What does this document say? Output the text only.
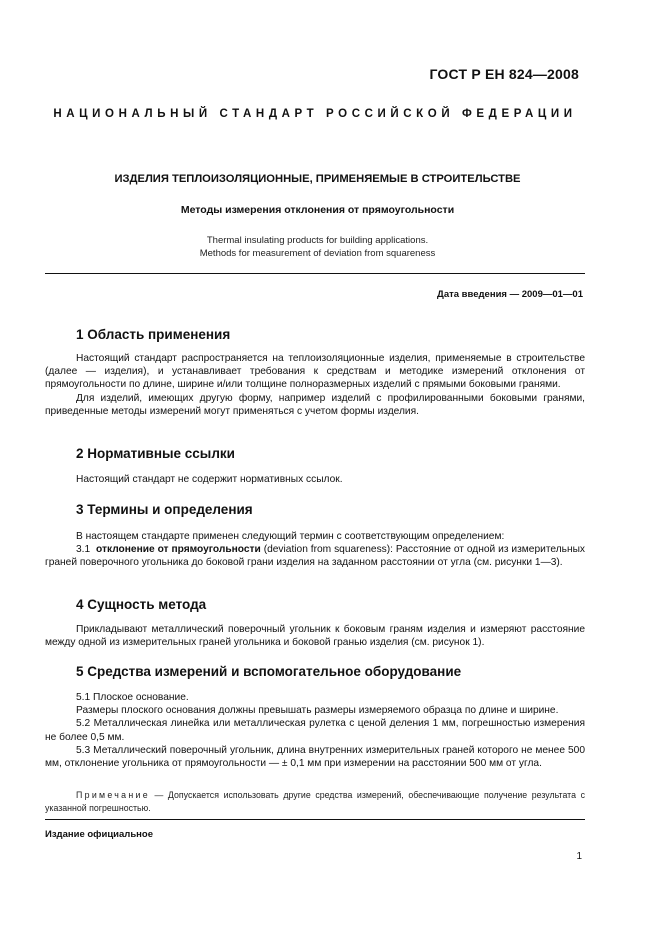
ГОСТ Р ЕН 824—2008
НАЦИОНАЛЬНЫЙ СТАНДАРТ РОССИЙСКОЙ ФЕДЕРАЦИИ
ИЗДЕЛИЯ ТЕПЛОИЗОЛЯЦИОННЫЕ, ПРИМЕНЯЕМЫЕ В СТРОИТЕЛЬСТВЕ
Методы измерения отклонения от прямоугольности
Thermal insulating products for building applications.
Methods for measurement of deviation from squareness
Дата введения — 2009—01—01
1 Область применения

Настоящий стандарт распространяется на теплоизоляционные изделия, применяемые в строительстве (далее — изделия), и устанавливает требования к средствам и методике измерений отклонения от прямоугольности по длине, ширине и/или толщине полноразмерных изделий с прямыми боковыми гранями.

Для изделий, имеющих другую форму, например изделий с профилированными боковыми гранями, приведенные методы измерений могут применяться с учетом формы изделия.

2 Нормативные ссылки

Настоящий стандарт не содержит нормативных ссылок.

3 Термины и определения

В настоящем стандарте применен следующий термин с соответствующим определением:

3.1 отклонение от прямоугольности (deviation from squareness): Расстояние от одной из измерительных граней поверочного угольника до боковой грани изделия на заданном расстоянии от угла (см. рисунки 1—3).

4 Сущность метода

Прикладывают металлический поверочный угольник к боковым граням изделия и измеряют расстояние между одной из измерительных граней угольника и боковой гранью изделия (см. рисунок 1).

5 Средства измерений и вспомогательное оборудование

5.1 Плоское основание.

Размеры плоского основания должны превышать размеры измеряемого образца по длине и ширине.

5.2 Металлическая линейка или металлическая рулетка с ценой деления 1 мм, погрешностью измерения не более 0,5 мм.

5.3 Металлический поверочный угольник, длина внутренних измерительных граней которого не менее 500 мм, отклонение угольника от прямоугольности — ± 0,1 мм при измерении на расстоянии 500 мм от угла.

Примечание — Допускается использовать другие средства измерений, обеспечивающие получение результата с указанной погрешностью.

Издание официальное
1
